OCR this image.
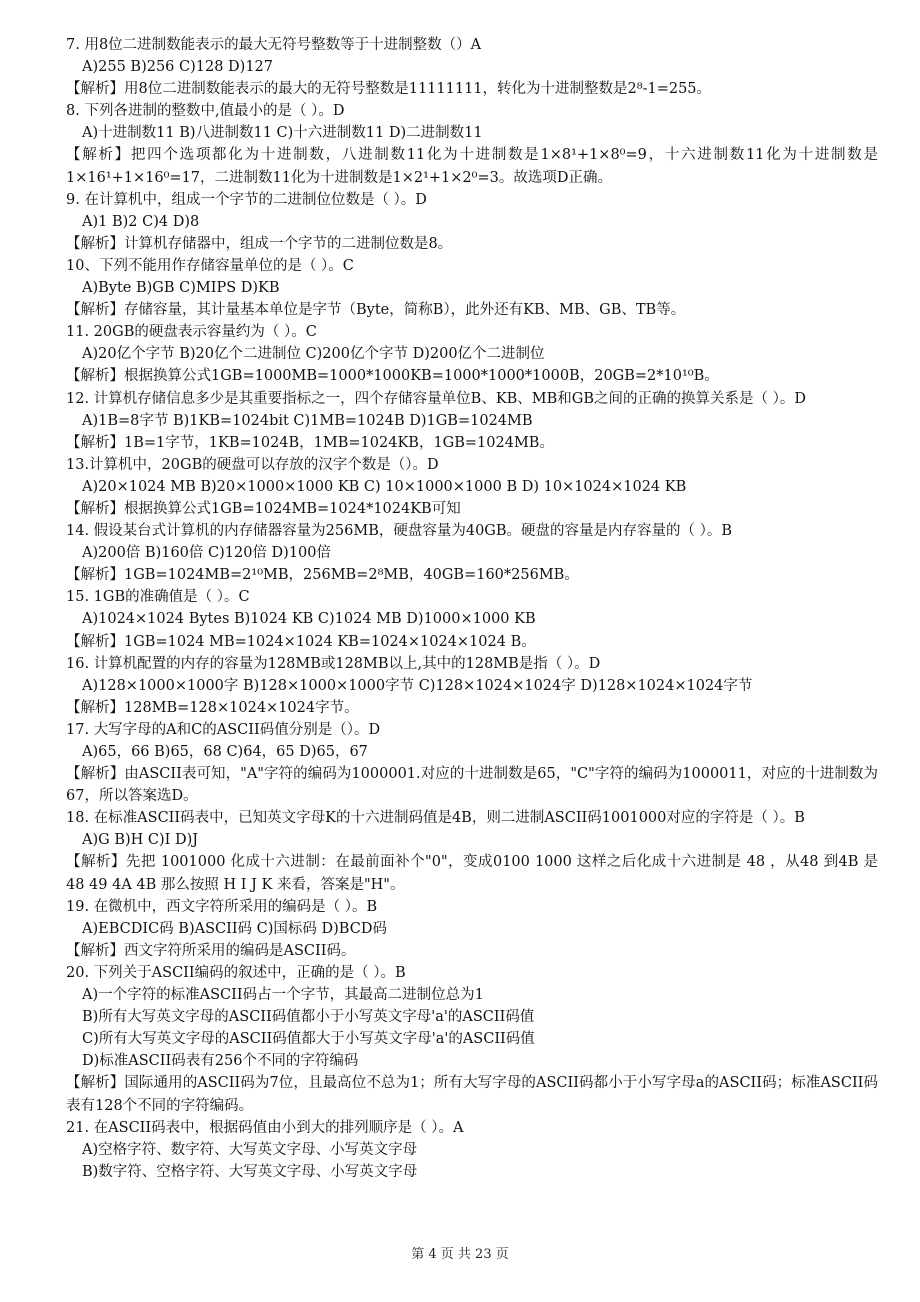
7. 用8位二进制数能表示的最大无符号整数等于十进制整数（）A
A)255 B)256 C)128 D)127
【解析】用8位二进制数能表示的最大的无符号整数是11111111，转化为十进制整数是2⁸-1=255。
8. 下列各进制的整数中,值最小的是（ ）。D
A)十进制数11 B)八进制数11 C)十六进制数11 D)二进制数11
【解析】把四个选项都化为十进制数，八进制数11化为十进制数是1×8¹+1×8⁰=9，十六进制数11化为十进制数是1×16¹+1×16⁰=17，二进制数11化为十进制数是1×2¹+1×2⁰=3。故选项D正确。
9. 在计算机中，组成一个字节的二进制位位数是（ ）。D
A)1 B)2 C)4 D)8
【解析】计算机存储器中，组成一个字节的二进制位数是8。
10、下列不能用作存储容量单位的是（ ）。C
A)Byte B)GB C)MIPS D)KB
【解析】存储容量，其计量基本单位是字节（Byte，简称B），此外还有KB、MB、GB、TB等。
11. 20GB的硬盘表示容量约为（ ）。C
A)20亿个字节 B)20亿个二进制位 C)200亿个字节 D)200亿个二进制位
【解析】根据换算公式1GB=1000MB=1000*1000KB=1000*1000*1000B，20GB=2*10¹⁰B。
12. 计算机存储信息多少是其重要指标之一，四个存储容量单位B、KB、MB和GB之间的正确的换算关系是（ ）。D
A)1B=8字节 B)1KB=1024bit C)1MB=1024B D)1GB=1024MB
【解析】1B=1字节，1KB=1024B，1MB=1024KB，1GB=1024MB。
13.计算机中，20GB的硬盘可以存放的汉字个数是（）。D
A)20×1024 MB B)20×1000×1000 KB C) 10×1000×1000 B D) 10×1024×1024 KB
【解析】根据换算公式1GB=1024MB=1024*1024KB可知
14. 假设某台式计算机的内存储器容量为256MB，硬盘容量为40GB。硬盘的容量是内存容量的（ ）。B
A)200倍 B)160倍 C)120倍 D)100倍
【解析】1GB=1024MB=2¹⁰MB，256MB=2⁸MB，40GB=160*256MB。
15. 1GB的准确值是（ ）。C
A)1024×1024 Bytes B)1024 KB C)1024 MB D)1000×1000 KB
【解析】1GB=1024 MB=1024×1024 KB=1024×1024×1024 B。
16. 计算机配置的内存的容量为128MB或128MB以上,其中的128MB是指（ ）。D
A)128×1000×1000字 B)128×1000×1000字节 C)128×1024×1024字 D)128×1024×1024字节
【解析】128MB=128×1024×1024字节。
17. 大写字母的A和C的ASCII码值分别是（）。D
A)65，66 B)65，68 C)64，65 D)65，67
【解析】由ASCII表可知，"A"字符的编码为1000001.对应的十进制数是65，"C"字符的编码为1000011，对应的十进制数为67，所以答案选D。
18. 在标准ASCII码表中，已知英文字母K的十六进制码值是4B，则二进制ASCII码1001000对应的字符是（ ）。B
A)G B)H C)I D)J
【解析】先把 1001000 化成十六进制：在最前面补个"0"，变成0100 1000 这样之后化成十六进制是 48 ，从48 到4B 是 48 49 4A 4B 那么按照 H I J K 来看，答案是"H"。
19. 在微机中，西文字符所采用的编码是（ ）。B
A)EBCDIC码 B)ASCII码 C)国标码 D)BCD码
【解析】西文字符所采用的编码是ASCII码。
20. 下列关于ASCII编码的叙述中，正确的是（ ）。B
A)一个字符的标准ASCII码占一个字节，其最高二进制位总为1
B)所有大写英文字母的ASCII码值都小于小写英文字母'a'的ASCII码值
C)所有大写英文字母的ASCII码值都大于小写英文字母'a'的ASCII码值
D)标准ASCII码表有256个不同的字符编码
【解析】国际通用的ASCII码为7位，且最高位不总为1；所有大写字母的ASCII码都小于小写字母a的ASCII码；标准ASCII码表有128个不同的字符编码。
21. 在ASCII码表中，根据码值由小到大的排列顺序是（ ）。A
A)空格字符、数字符、大写英文字母、小写英文字母
B)数字符、空格字符、大写英文字母、小写英文字母
第 4 页 共 23 页
